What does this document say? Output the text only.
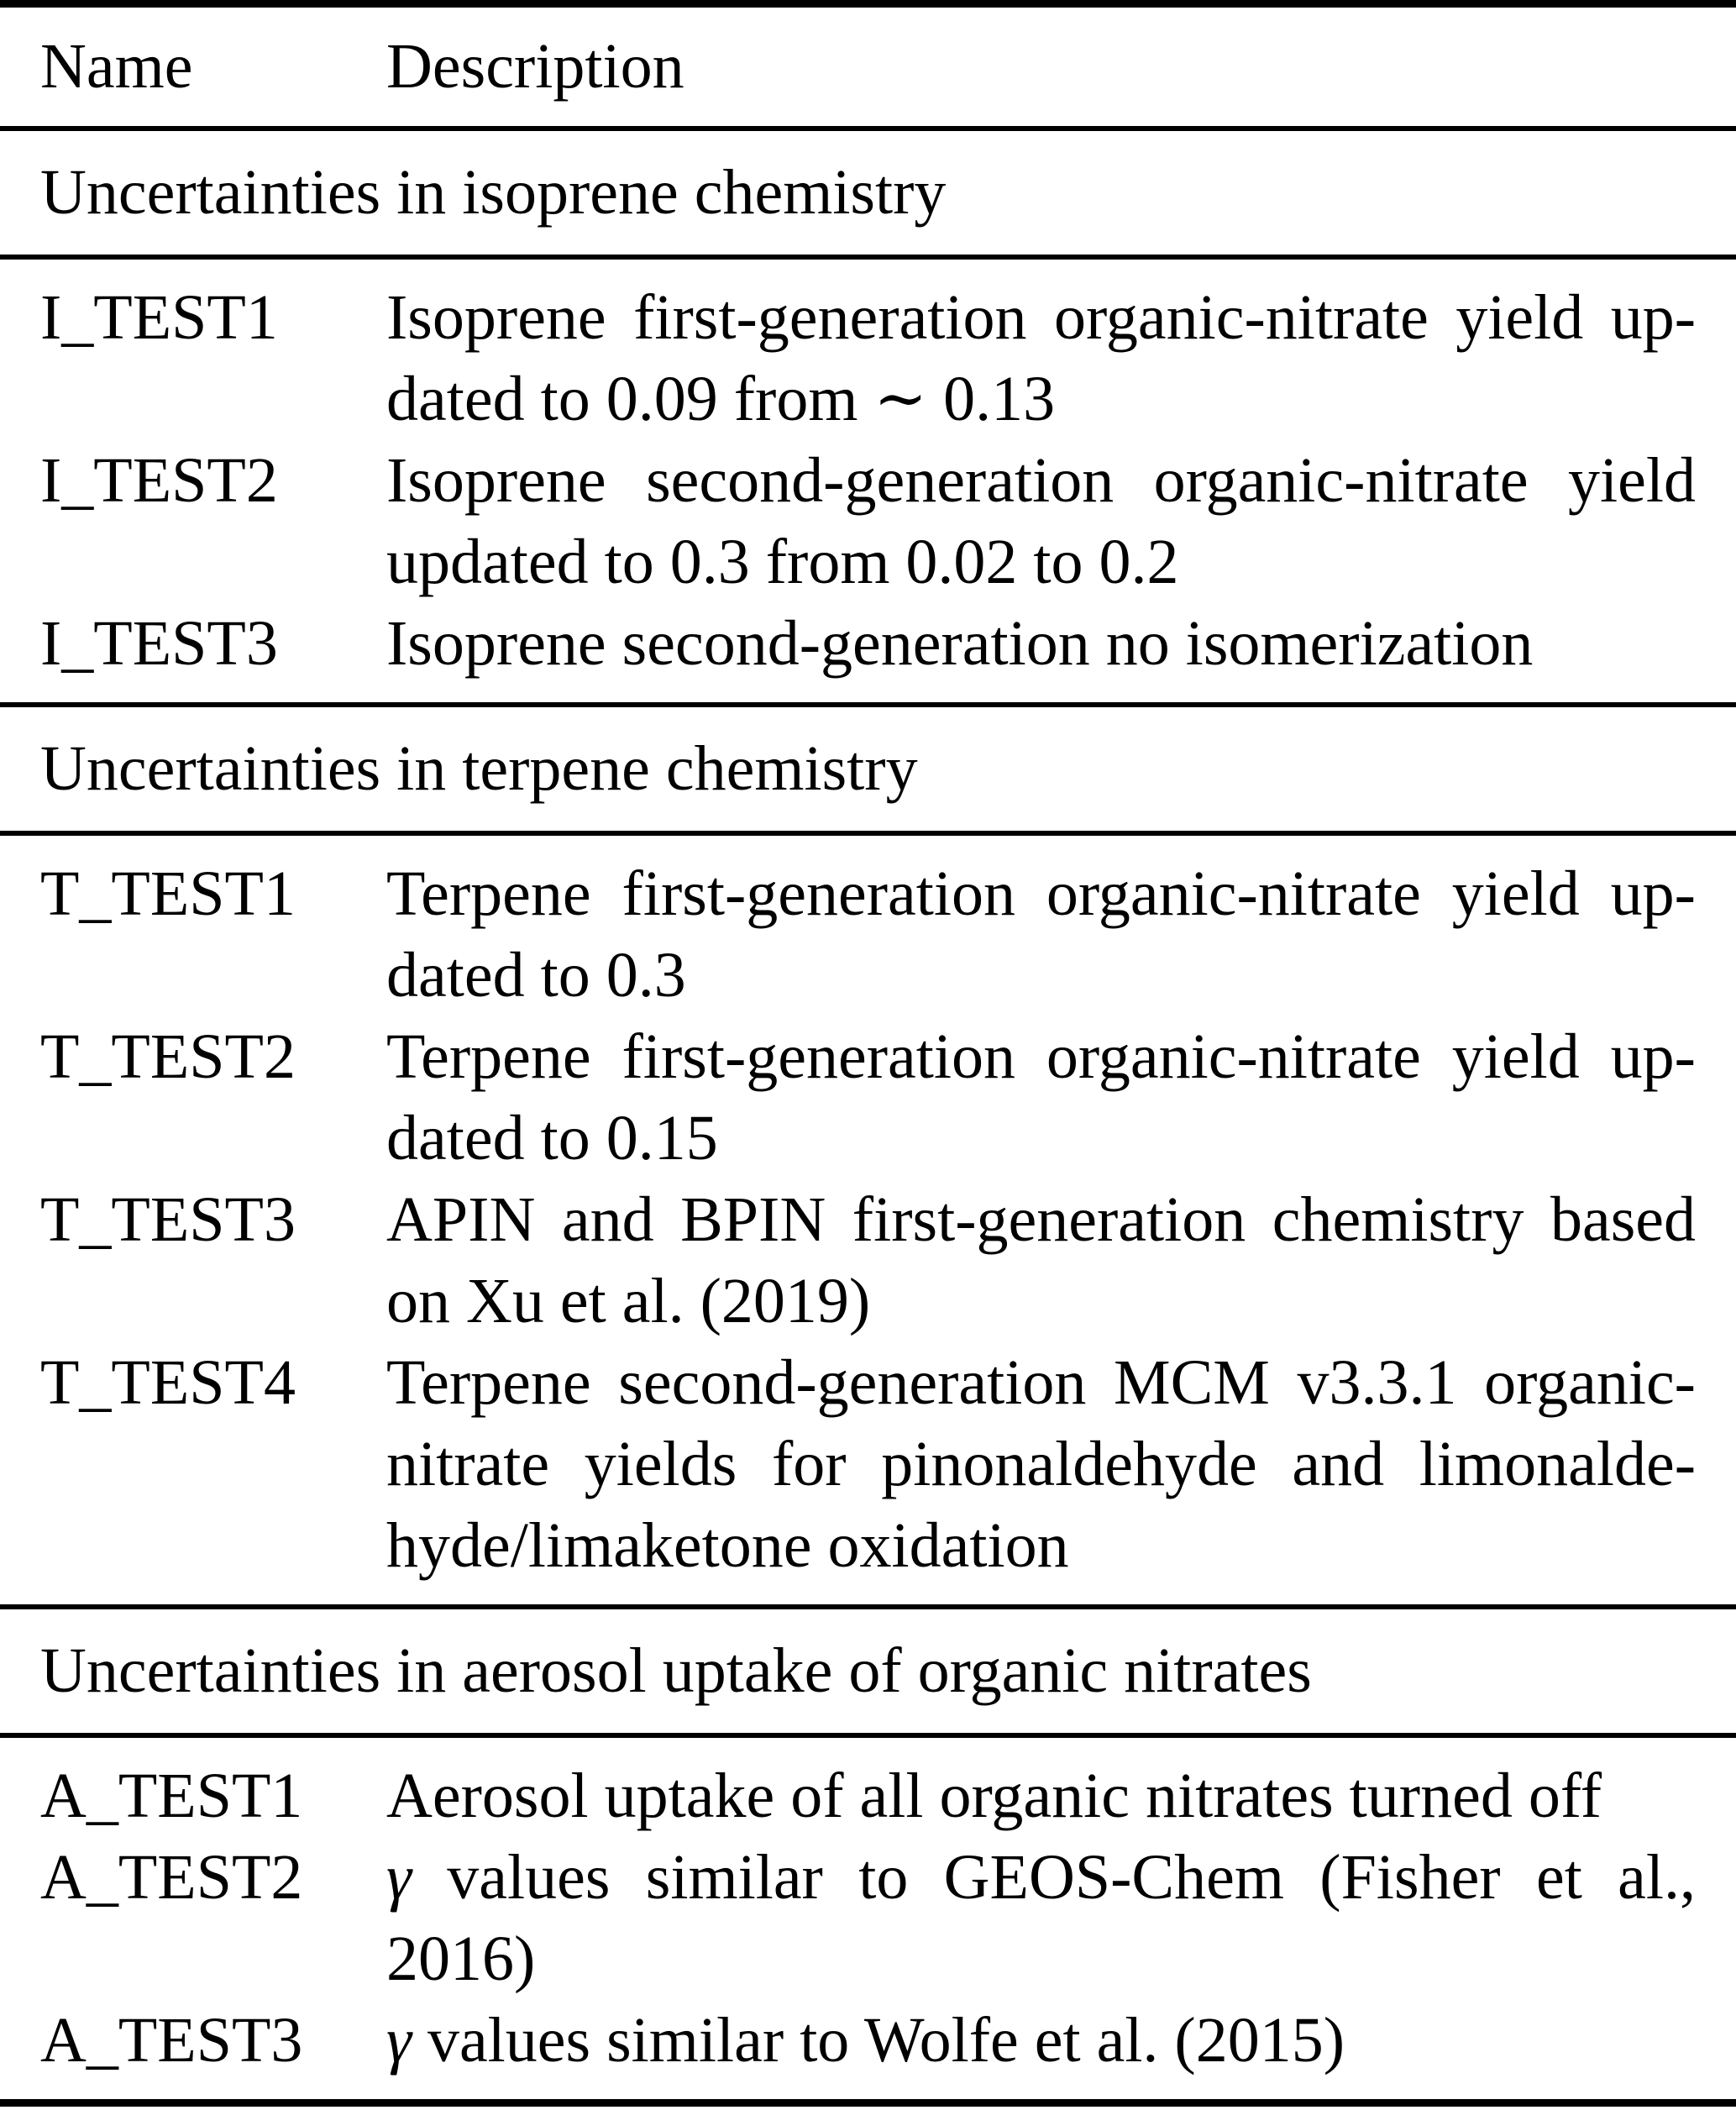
Name	Description
Uncertainties in isoprene chemistry
I_TEST1	Isoprene first-generation organic-nitrate yield up-
dated to 0.09 from ∼ 0.13
I_TEST2	Isoprene second-generation organic-nitrate yield
updated to 0.3 from 0.02 to 0.2
I_TEST3	Isoprene second-generation no isomerization
Uncertainties in terpene chemistry
T_TEST1	Terpene first-generation organic-nitrate yield up-
dated to 0.3
T_TEST2	Terpene first-generation organic-nitrate yield up-
dated to 0.15
T_TEST3	APIN and BPIN first-generation chemistry based
on Xu et al. (2019)
T_TEST4	Terpene second-generation MCM v3.3.1 organic-
nitrate yields for pinonaldehyde and limonalde-
hyde/limaketone oxidation
Uncertainties in aerosol uptake of organic nitrates
A_TEST1	Aerosol uptake of all organic nitrates turned off
A_TEST2	γ values similar to GEOS-Chem (Fisher et al.,
2016)
A_TEST3	γ values similar to Wolfe et al. (2015)
